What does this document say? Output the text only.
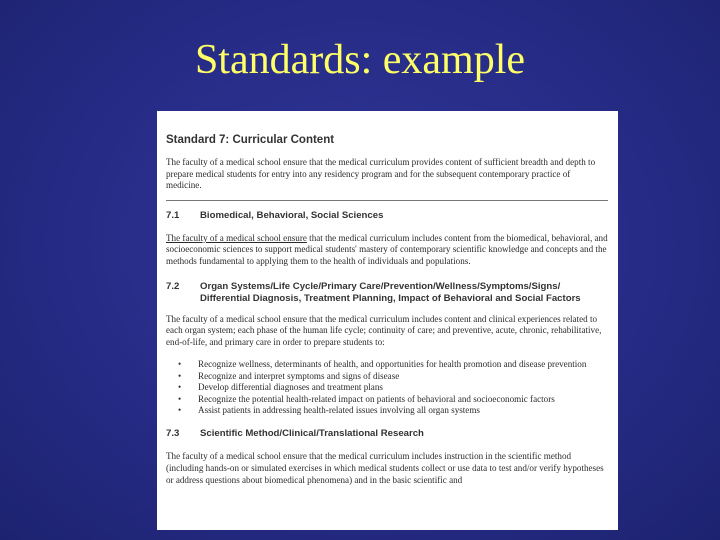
Standards: example
Standard 7: Curricular Content

The faculty of a medical school ensure that the medical curriculum provides content of sufficient breadth and depth to prepare medical students for entry into any residency program and for the subsequent contemporary practice of medicine.

7.1	Biomedical, Behavioral, Social Sciences

The faculty of a medical school ensure that the medical curriculum includes content from the biomedical, behavioral, and socioeconomic sciences to support medical students' mastery of contemporary scientific knowledge and concepts and the methods fundamental to applying them to the health of individuals and populations.

7.2	Organ Systems/Life Cycle/Primary Care/Prevention/Wellness/Symptoms/Signs/ Differential Diagnosis, Treatment Planning, Impact of Behavioral and Social Factors

The faculty of a medical school ensure that the medical curriculum includes content and clinical experiences related to each organ system; each phase of the human life cycle; continuity of care; and preventive, acute, chronic, rehabilitative, end-of-life, and primary care in order to prepare students to:

• Recognize wellness, determinants of health, and opportunities for health promotion and disease prevention
• Recognize and interpret symptoms and signs of disease
• Develop differential diagnoses and treatment plans
• Recognize the potential health-related impact on patients of behavioral and socioeconomic factors
• Assist patients in addressing health-related issues involving all organ systems
7.3	Scientific Method/Clinical/Translational Research

The faculty of a medical school ensure that the medical curriculum includes instruction in the scientific method (including hands-on or simulated exercises in which medical students collect or use data to test and/or verify hypotheses or address questions about biomedical phenomena) and in the basic scientific and
